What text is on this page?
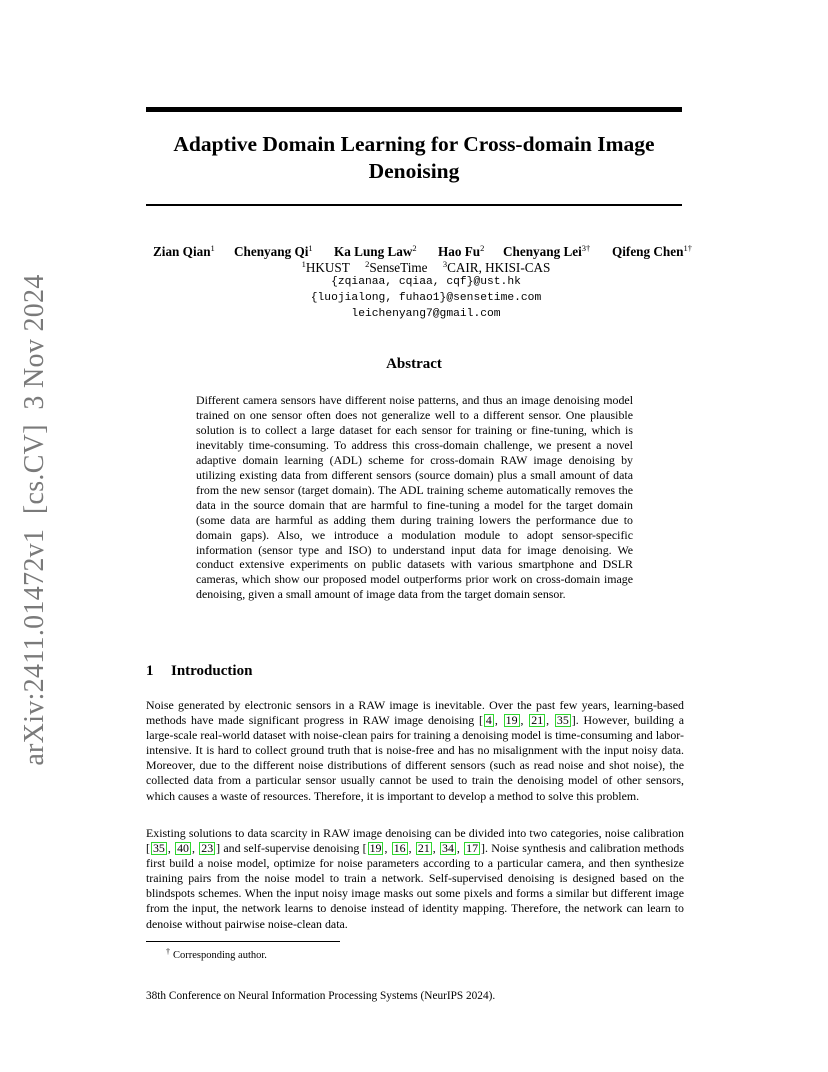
arXiv:2411.01472v1  [cs.CV]  3 Nov 2024
Adaptive Domain Learning for Cross-domain Image
Denoising
Zian Qian$^1$ Chenyang Qi$^1$ Ka Lung Law$^2$ Hao Fu$^2$ Chenyang Lei$^{3\dagger}$ Qifeng Chen$^{1\dagger}$
$^1$HKUST $^2$SenseTime $^3$CAIR, HKISI-CAS
{zqianaa, cqiaa, cqf}@ust.hk
{luojialong, fuhao1}@sensetime.com
leichenyang7@gmail.com
Abstract
Different camera sensors have different noise patterns, and thus an image denoising model trained on one sensor often does not generalize well to a different sensor. One plausible solution is to collect a large dataset for each sensor for training or fine-tuning, which is inevitably time-consuming. To address this cross-domain challenge, we present a novel adaptive domain learning (ADL) scheme for cross-domain RAW image denoising by utilizing existing data from different sensors (source domain) plus a small amount of data from the new sensor (target domain). The ADL training scheme automatically removes the data in the source domain that are harmful to fine-tuning a model for the target domain (some data are harmful as adding them during training lowers the performance due to domain gaps). Also, we introduce a modulation module to adopt sensor-specific information (sensor type and ISO) to understand input data for image denoising. We conduct extensive experiments on public datasets with various smartphone and DSLR cameras, which show our proposed model outperforms prior work on cross-domain image denoising, given a small amount of image data from the target domain sensor.
1 Introduction
Noise generated by electronic sensors in a RAW image is inevitable. Over the past few years, learning-based methods have made significant progress in RAW image denoising [ 4 , 19 , 21 , 35 ]. However, building a large-scale real-world dataset with noise-clean pairs for training a denoising model is time-consuming and labor-intensive. It is hard to collect ground truth that is noise-free and has no misalignment with the input noisy data. Moreover, due to the different noise distributions of different sensors (such as read noise and shot noise), the collected data from a particular sensor usually cannot be used to train the denoising model of other sensors, which causes a waste of resources. Therefore, it is important to develop a method to solve this problem.
Existing solutions to data scarcity in RAW image denoising can be divided into two categories, noise calibration [ 35 , 40 , 23 ] and self-supervise denoising [ 19 , 16 , 21 , 34 , 17 ]. Noise synthesis and calibration methods first build a noise model, optimize for noise parameters according to a particular camera, and then synthesize training pairs from the noise model to train a network. Self-supervised denoising is designed based on the blindspots schemes. When the input noisy image masks out some pixels and forms a similar but different image from the input, the network learns to denoise instead of identity mapping. Therefore, the network can learn to denoise without pairwise noise-clean data.
† Corresponding author.
38th Conference on Neural Information Processing Systems (NeurIPS 2024).
